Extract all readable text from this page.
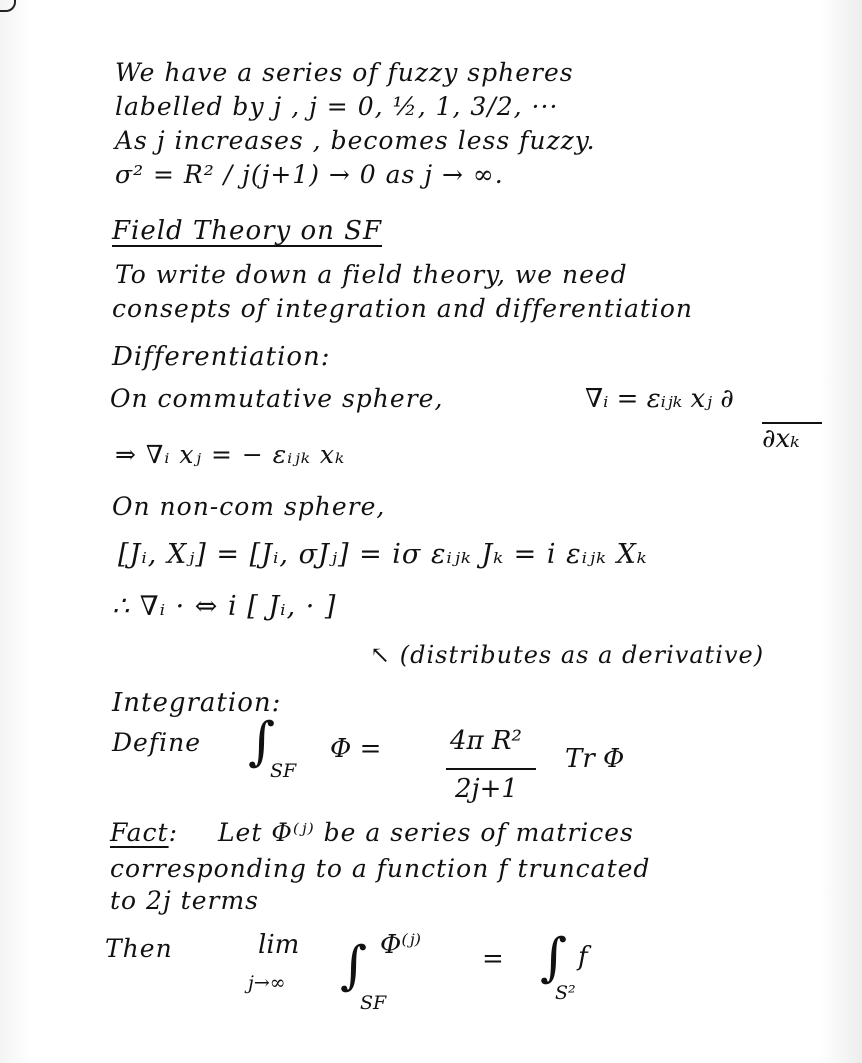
We have a series of fuzzy spheres
labelled by j , j = 0, ½, 1, 3/2, ···
As j increases , becomes less fuzzy.
σ² = R² / j(j+1) → 0 as j → ∞.
Field Theory on SF
To write down a field theory, we need
consepts of integration and differentiation
Differentiation:
On commutative sphere,	∇ᵢ = εᵢⱼₖ xⱼ ∂
∂xₖ
⇒ ∇ᵢ xⱼ = − εᵢⱼₖ xₖ
On non-com sphere,
[Jᵢ, Xⱼ] = [Jᵢ, σJⱼ] = iσ εᵢⱼₖ Jₖ = i εᵢⱼₖ Xₖ
∴ ∇ᵢ · ⇔ i [ Jᵢ, · ]
↖ (distributes as a derivative)
Integration:
Define ∫
SF
Φ =	4π R²
2j+1
Tr Φ
Fact: Let Φ⁽ʲ⁾ be a series of matrices
corresponding to a function f truncated
to 2j terms
Then	lim
j→∞ ∫
SF
Φ⁽ʲ⁾ = ∫ f
S²
